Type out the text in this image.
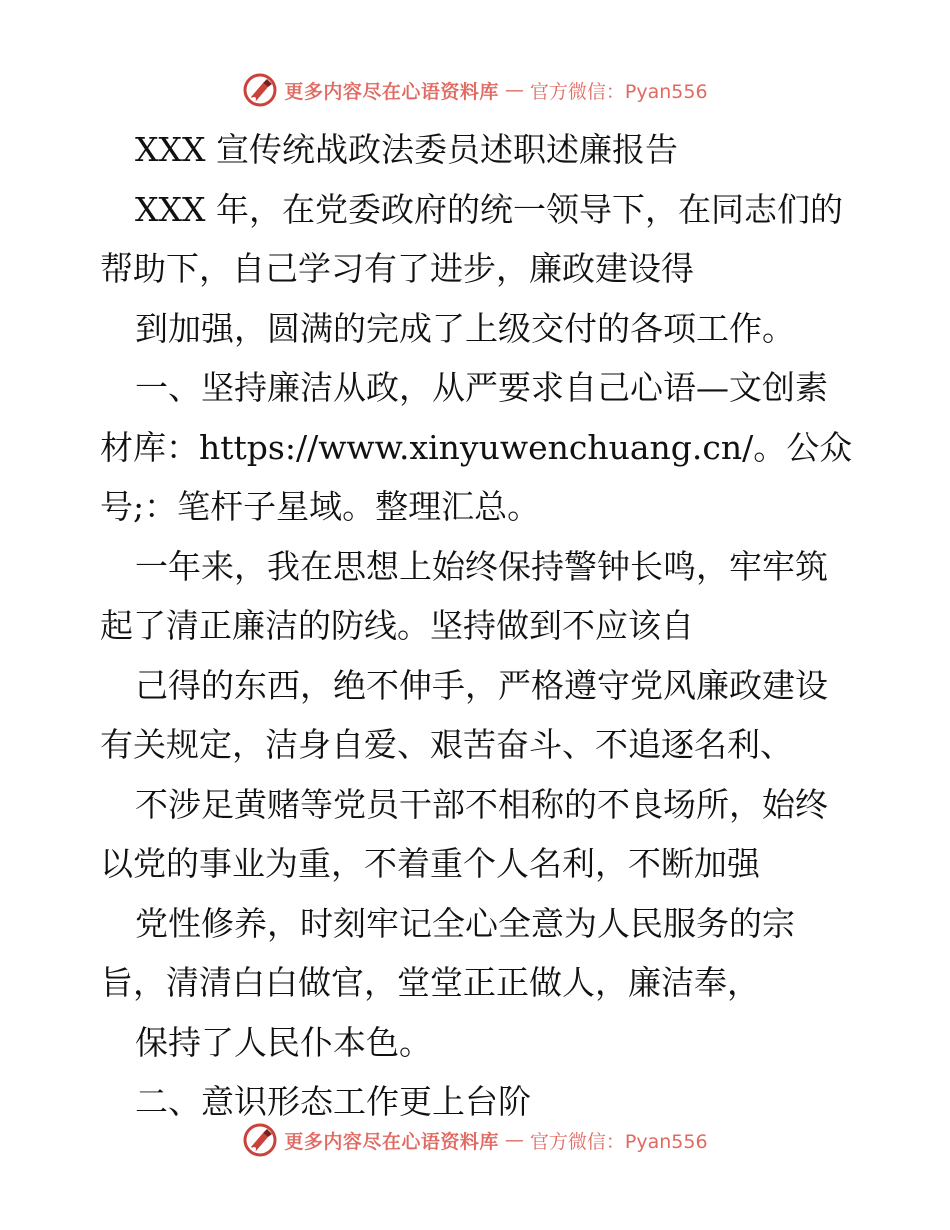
更多内容尽在心语资料库 — 官方微信：Pyan556
XXX 宣传统战政法委员述职述廉报告
XXX 年，在党委政府的统一领导下，在同志们的
帮助下，自己学习有了进步，廉政建设得
到加强，圆满的完成了上级交付的各项工作。
一、坚持廉洁从政，从严要求自己心语—文创素
材库：https://www.xinyuwenchuang.cn/。公众
号;：笔杆子星域。整理汇总。
一年来，我在思想上始终保持警钟长鸣，牢牢筑
起了清正廉洁的防线。坚持做到不应该自
己得的东西，绝不伸手，严格遵守党风廉政建设
有关规定，洁身自爱、艰苦奋斗、不追逐名利、
不涉足黄赌等党员干部不相称的不良场所，始终
以党的事业为重，不着重个人名利，不断加强
党性修养，时刻牢记全心全意为人民服务的宗
旨，清清白白做官，堂堂正正做人，廉洁奉，
保持了人民仆本色。
二、意识形态工作更上台阶
更多内容尽在心语资料库 — 官方微信：Pyan556
